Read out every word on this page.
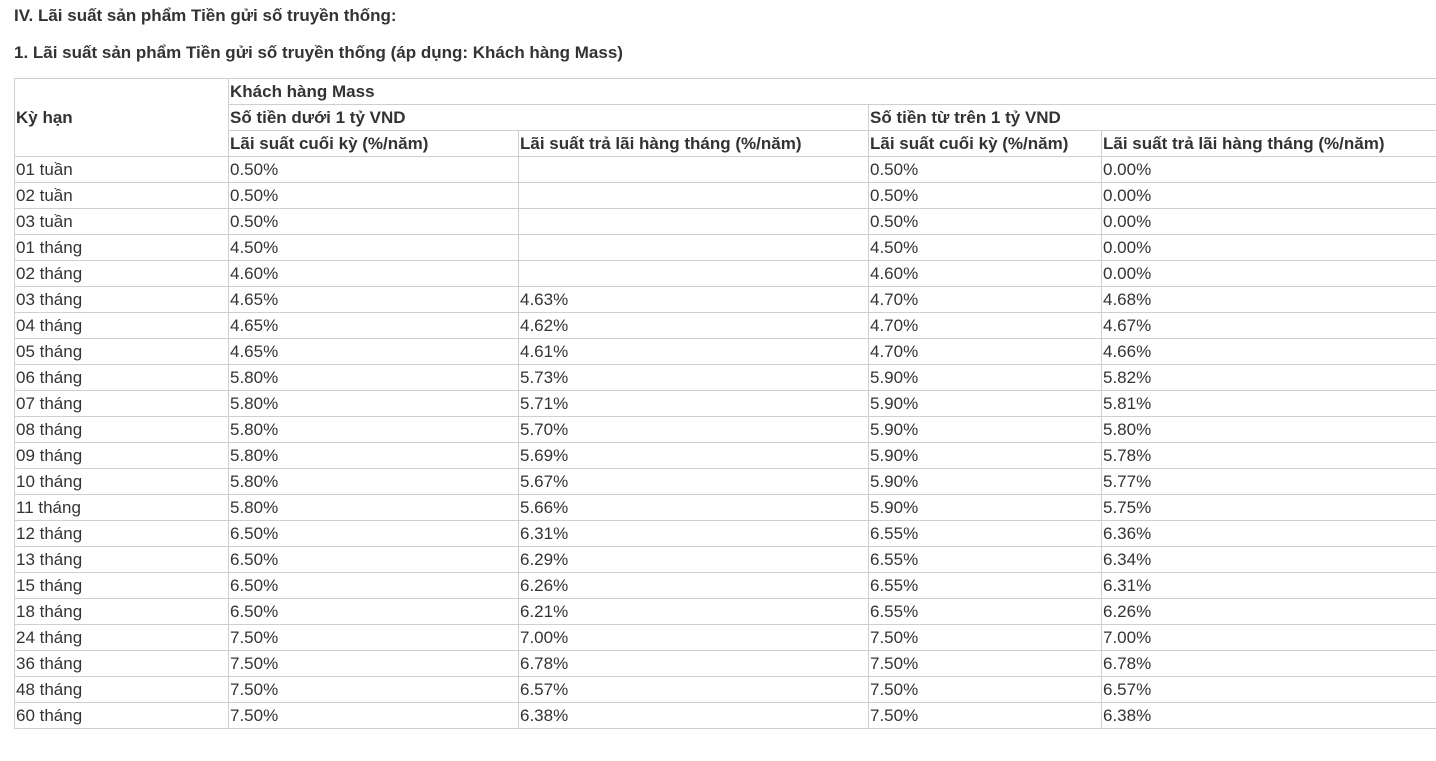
IV. Lãi suất sản phẩm Tiền gửi số truyền thống:
1. Lãi suất sản phẩm Tiền gửi số truyền thống (áp dụng: Khách hàng Mass)
Kỳ hạn	Khách hàng Mass			
	Số tiền dưới 1 tỷ VND		Số tiền từ trên 1 tỷ VND	
	Lãi suất cuối kỳ (%/năm)	Lãi suất trả lãi hàng tháng (%/năm)	Lãi suất cuối kỳ (%/năm)	Lãi suất trả lãi hàng tháng (%/năm)
01 tuần	0.50%		0.50%	0.00%
02 tuần	0.50%		0.50%	0.00%
03 tuần	0.50%		0.50%	0.00%
01 tháng	4.50%		4.50%	0.00%
02 tháng	4.60%		4.60%	0.00%
03 tháng	4.65%	4.63%	4.70%	4.68%
04 tháng	4.65%	4.62%	4.70%	4.67%
05 tháng	4.65%	4.61%	4.70%	4.66%
06 tháng	5.80%	5.73%	5.90%	5.82%
07 tháng	5.80%	5.71%	5.90%	5.81%
08 tháng	5.80%	5.70%	5.90%	5.80%
09 tháng	5.80%	5.69%	5.90%	5.78%
10 tháng	5.80%	5.67%	5.90%	5.77%
11 tháng	5.80%	5.66%	5.90%	5.75%
12 tháng	6.50%	6.31%	6.55%	6.36%
13 tháng	6.50%	6.29%	6.55%	6.34%
15 tháng	6.50%	6.26%	6.55%	6.31%
18 tháng	6.50%	6.21%	6.55%	6.26%
24 tháng	7.50%	7.00%	7.50%	7.00%
36 tháng	7.50%	6.78%	7.50%	6.78%
48 tháng	7.50%	6.57%	7.50%	6.57%
60 tháng	7.50%	6.38%	7.50%	6.38%
